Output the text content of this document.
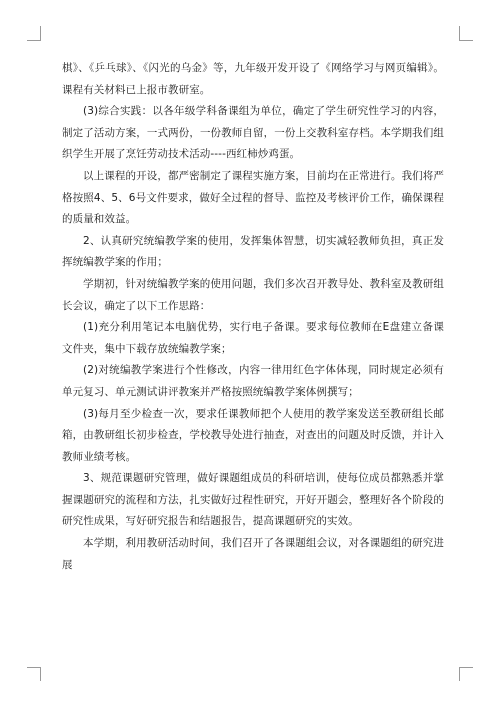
棋》、《乒乓球》、《闪光的乌金》等，九年级开发开设了《网络学习与网页编辑》。课程有关材料已上报市教研室。

(3)综合实践：以各年级学科备课组为单位，确定了学生研究性学习的内容，制定了活动方案，一式两份，一份教师自留，一份上交教科室存档。本学期我们组织学生开展了烹饪劳动技术活动----西红柿炒鸡蛋。

以上课程的开设，都严密制定了课程实施方案，目前均在正常进行。我们将严格按照4、5、6号文件要求，做好全过程的督导、监控及考核评价工作，确保课程的质量和效益。

2、认真研究统编教学案的使用，发挥集体智慧，切实减轻教师负担，真正发挥统编教学案的作用；

学期初，针对统编教学案的使用问题，我们多次召开教导处、教科室及教研组长会议，确定了以下工作思路：

(1)充分利用笔记本电脑优势，实行电子备课。要求每位教师在E盘建立备课文件夹，集中下载存放统编教学案；

(2)对统编教学案进行个性修改，内容一律用红色字体体现，同时规定必须有单元复习、单元测试讲评教案并严格按照统编教学案体例撰写；

(3)每月至少检查一次，要求任课教师把个人使用的教学案发送至教研组长邮箱，由教研组长初步检查，学校教导处进行抽查，对查出的问题及时反馈，并计入教师业绩考核。

3、规范课题研究管理，做好课题组成员的科研培训，使每位成员都熟悉并掌握课题研究的流程和方法，扎实做好过程性研究，开好开题会，整理好各个阶段的研究性成果，写好研究报告和结题报告，提高课题研究的实效。

本学期，利用教研活动时间，我们召开了各课题组会议，对各课题组的研究进展
